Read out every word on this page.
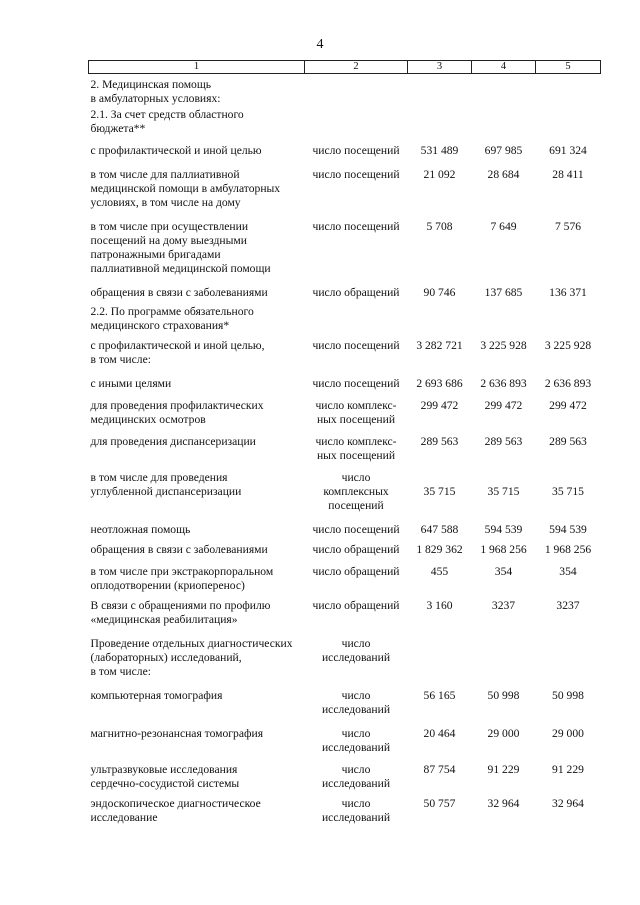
4
1	2	3	4	5
2. Медицинская помощь
в амбулаторных условиях:				
2.1. За счет средств областного
бюджета**				
с профилактической и иной целью	число посещений	531 489	697 985	691 324
в том числе для паллиативной
медицинской помощи в амбулаторных
условиях, в том числе на дому	число посещений	21 092	28 684	28 411
в том числе при осуществлении
посещений на дому выездными
патронажными бригадами
паллиативной медицинской помощи	число посещений	5 708	7 649	7 576
обращения в связи с заболеваниями	число обращений	90 746	137 685	136 371
2.2. По программе обязательного
медицинского страхования*				
с профилактической и иной целью,
в том числе:	число посещений	3 282 721	3 225 928	3 225 928
с иными целями	число посещений	2 693 686	2 636 893	2 636 893
для проведения профилактических
медицинских осмотров	число комплекс-
ных посещений	299 472	299 472	299 472
для проведения диспансеризации	число комплекс-
ных посещений	289 563	289 563	289 563
в том числе для проведения
углубленной диспансеризации	число
комплексных
посещений	35 715	35 715	35 715
неотложная помощь	число посещений	647 588	594 539	594 539
обращения в связи с заболеваниями	число обращений	1 829 362	1 968 256	1 968 256
в том числе при экстракорпоральном
оплодотворении (криоперенос)	число обращений	455	354	354
В связи с обращениями по профилю
«медицинская реабилитация»	число обращений	3 160	3237	3237
Проведение отдельных диагностических
(лабораторных) исследований,
в том числе:	число
исследований			
компьютерная томография	число
исследований	56 165	50 998	50 998
магнитно-резонансная томография	число
исследований	20 464	29 000	29 000
ультразвуковые исследования
сердечно-сосудистой системы	число
исследований	87 754	91 229	91 229
эндоскопическое диагностическое
исследование	число
исследований	50 757	32 964	32 964
